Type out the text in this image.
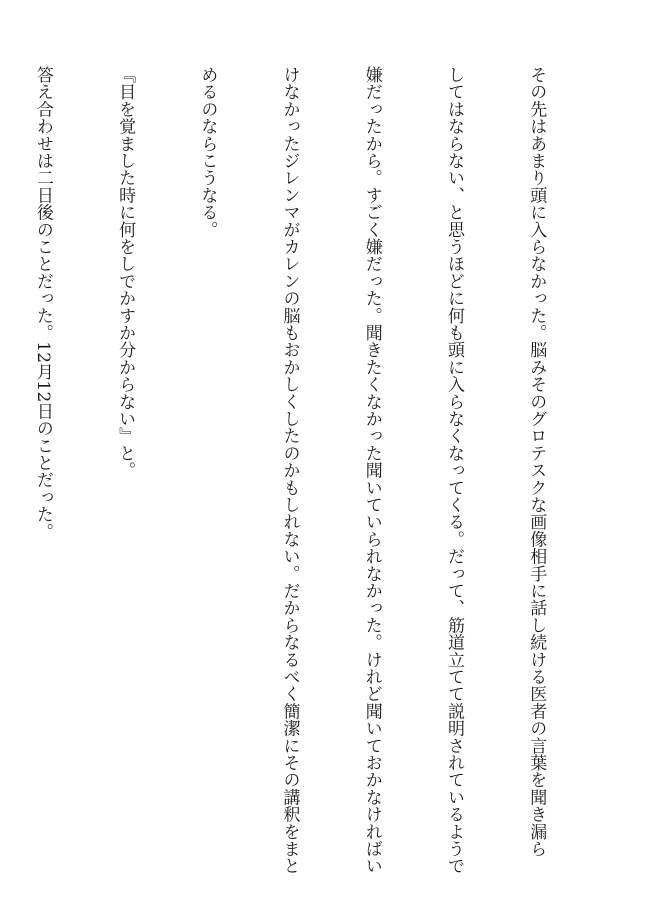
その先はあまり頭に入らなかった。脳みそのグロテスクな画像相手に話し続ける医者の言葉を聞き漏ら

してはならない、と思うほどに何も頭に入らなくなってくる。だって、筋道立てて説明されているようで

嫌だったから。すごく嫌だった。聞きたくなかった聞いていられなかった。けれど聞いておかなければい

けなかったジレンマがカレンの脳もおかしくしたのかもしれない。だからなるべく簡潔にその講釈をまと

めるのならこうなる。

『目を覚ました時に何をしでかすか分からない』と。

答え合わせは二日後のことだった。12月12日のことだった。
